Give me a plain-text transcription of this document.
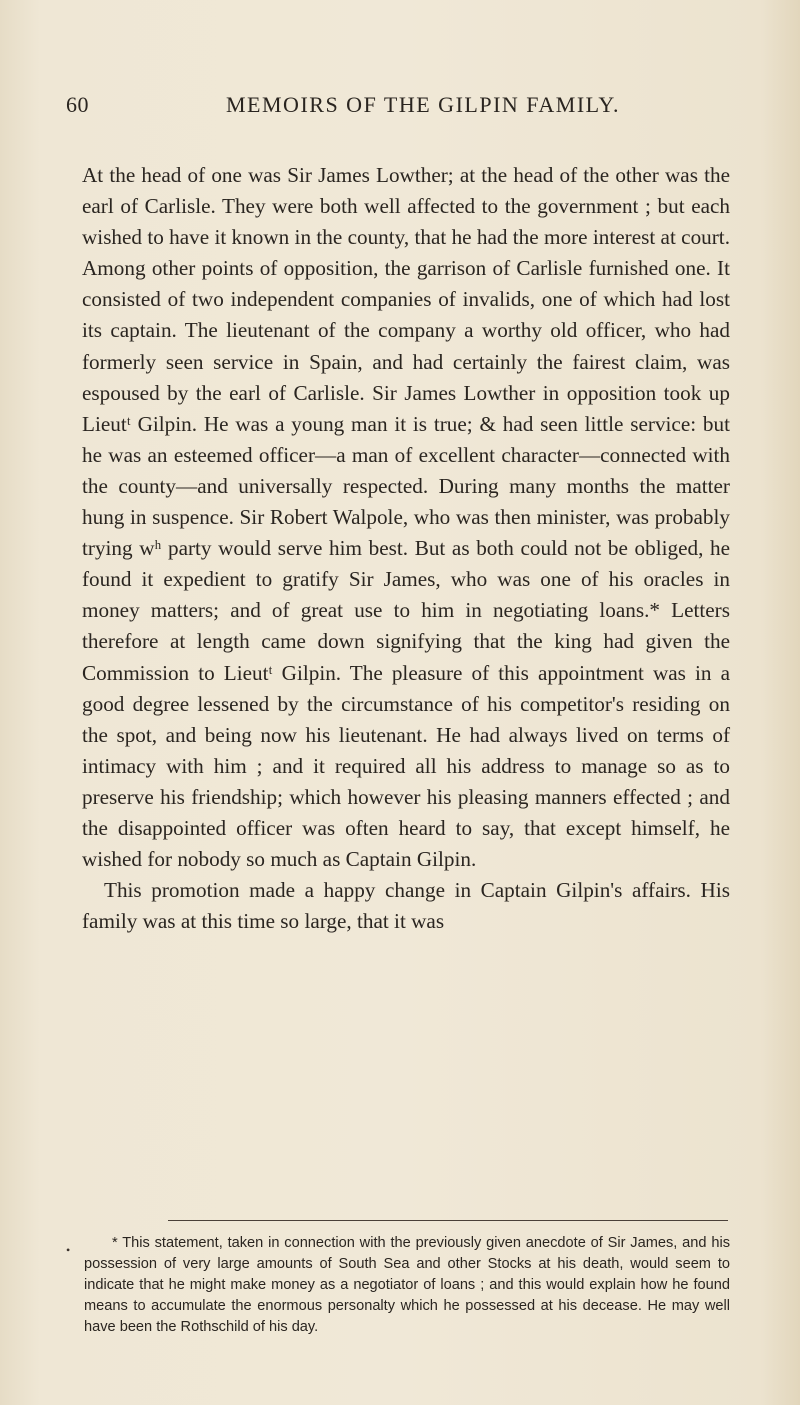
60	MEMOIRS OF THE GILPIN FAMILY.

At the head of one was Sir James Lowther; at the head of the other was the earl of Carlisle. They were both well affected to the government ; but each wished to have it known in the county, that he had the more interest at court. Among other points of opposition, the garrison of Carlisle furnished one. It consisted of two independent companies of invalids, one of which had lost its captain. The lieutenant of the company a worthy old officer, who had formerly seen service in Spain, and had certainly the fairest claim, was espoused by the earl of Carlisle. Sir James Lowther in opposition took up Lieutᵗ Gilpin. He was a young man it is true; & had seen little service: but he was an esteemed officer—a man of excellent character—connected with the county—and universally respected. During many months the matter hung in suspence. Sir Robert Walpole, who was then minister, was probably trying wʰ party would serve him best. But as both could not be obliged, he found it expedient to gratify Sir James, who was one of his oracles in money matters; and of great use to him in negotiating loans.* Letters therefore at length came down signifying that the king had given the Commission to Lieutᵗ Gilpin. The pleasure of this appointment was in a good degree lessened by the circumstance of his competitor's residing on the spot, and being now his lieutenant. He had always lived on terms of intimacy with him ; and it required all his address to manage so as to preserve his friendship; which however his pleasing manners effected ; and the disappointed officer was often heard to say, that except himself, he wished for nobody so much as Captain Gilpin.

This promotion made a happy change in Captain Gilpin's affairs. His family was at this time so large, that it was

•	* This statement, taken in connection with the previously given anecdote of Sir James, and his possession of very large amounts of South Sea and other Stocks at his death, would seem to indicate that he might make money as a negotiator of loans ; and this would explain how he found means to accumulate the enormous personalty which he possessed at his decease. He may well have been the Rothschild of his day.
